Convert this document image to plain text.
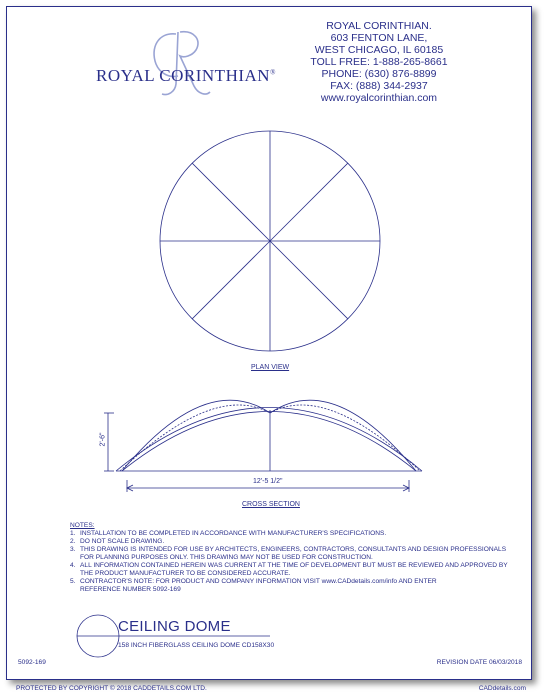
ROYAL CORINTHIAN®
ROYAL CORINTHIAN.
603 FENTON LANE,
WEST CHICAGO, IL 60185
TOLL FREE: 1-888-265-8661
PHONE: (630) 876-8899
FAX: (888) 344-2937
www.royalcorinthian.com
PLAN VIEW
2'-6"
12'-5 1/2"
CROSS SECTION
NOTES:
1. INSTALLATION TO BE COMPLETED IN ACCORDANCE WITH MANUFACTURER'S SPECIFICATIONS.
2. DO NOT SCALE DRAWING.
3. THIS DRAWING IS INTENDED FOR USE BY ARCHITECTS, ENGINEERS, CONTRACTORS, CONSULTANTS AND DESIGN PROFESSIONALS
FOR PLANNING PURPOSES ONLY. THIS DRAWING MAY NOT BE USED FOR CONSTRUCTION.
4. ALL INFORMATION CONTAINED HEREIN WAS CURRENT AT THE TIME OF DEVELOPMENT BUT MUST BE REVIEWED AND APPROVED BY
THE PRODUCT MANUFACTURER TO BE CONSIDERED ACCURATE.
5. CONTRACTOR'S NOTE: FOR PRODUCT AND COMPANY INFORMATION VISIT www.CADdetails.com/info AND ENTER
REFERENCE NUMBER 5092-169
CEILING DOME
158 INCH FIBERGLASS CEILING DOME CD158X30
5092-169	REVISION DATE 06/03/2018
PROTECTED BY COPYRIGHT © 2018 CADDETAILS.COM LTD.	CADdetails.com
